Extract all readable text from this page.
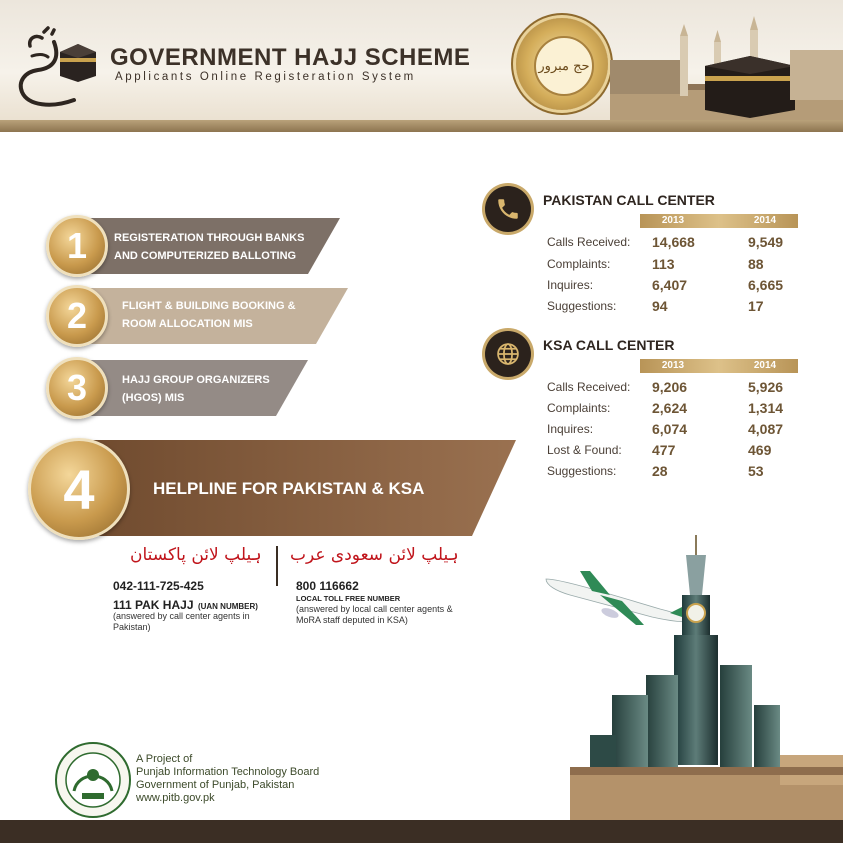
GOVERNMENT HAJJ SCHEME
Applicants Online Registeration System
حج مبرور
1	REGISTERATION THROUGH BANKS
AND COMPUTERIZED BALLOTING
2	FLIGHT & BUILDING BOOKING &
ROOM ALLOCATION MIS
3	HAJJ GROUP ORGANIZERS
(HGOS) MIS
4	HELPLINE FOR PAKISTAN & KSA
PAKISTAN CALL CENTER
2013	2014
Calls Received: 14,668	9,549
Complaints:	113	88
Inquires:	6,407	6,665
Suggestions:	94	17
KSA CALL CENTER
2013	2014
Calls Received: 9,206	5,926
Complaints:	2,624	1,314
Inquires:	6,074	4,087
Lost & Found: 477	469
Suggestions:	28	53
ہیلپ لائن پاکستان
042-111-725-425
111 PAK HAJJ (UAN NUMBER)
(answered by call center agents in Pakistan)
ہیلپ لائن سعودی عرب
800 116662
LOCAL TOLL FREE NUMBER
(answered by local call center agents & MoRA staff deputed in KSA)
A Project of
Punjab Information Technology Board
Government of Punjab, Pakistan
www.pitb.gov.pk
